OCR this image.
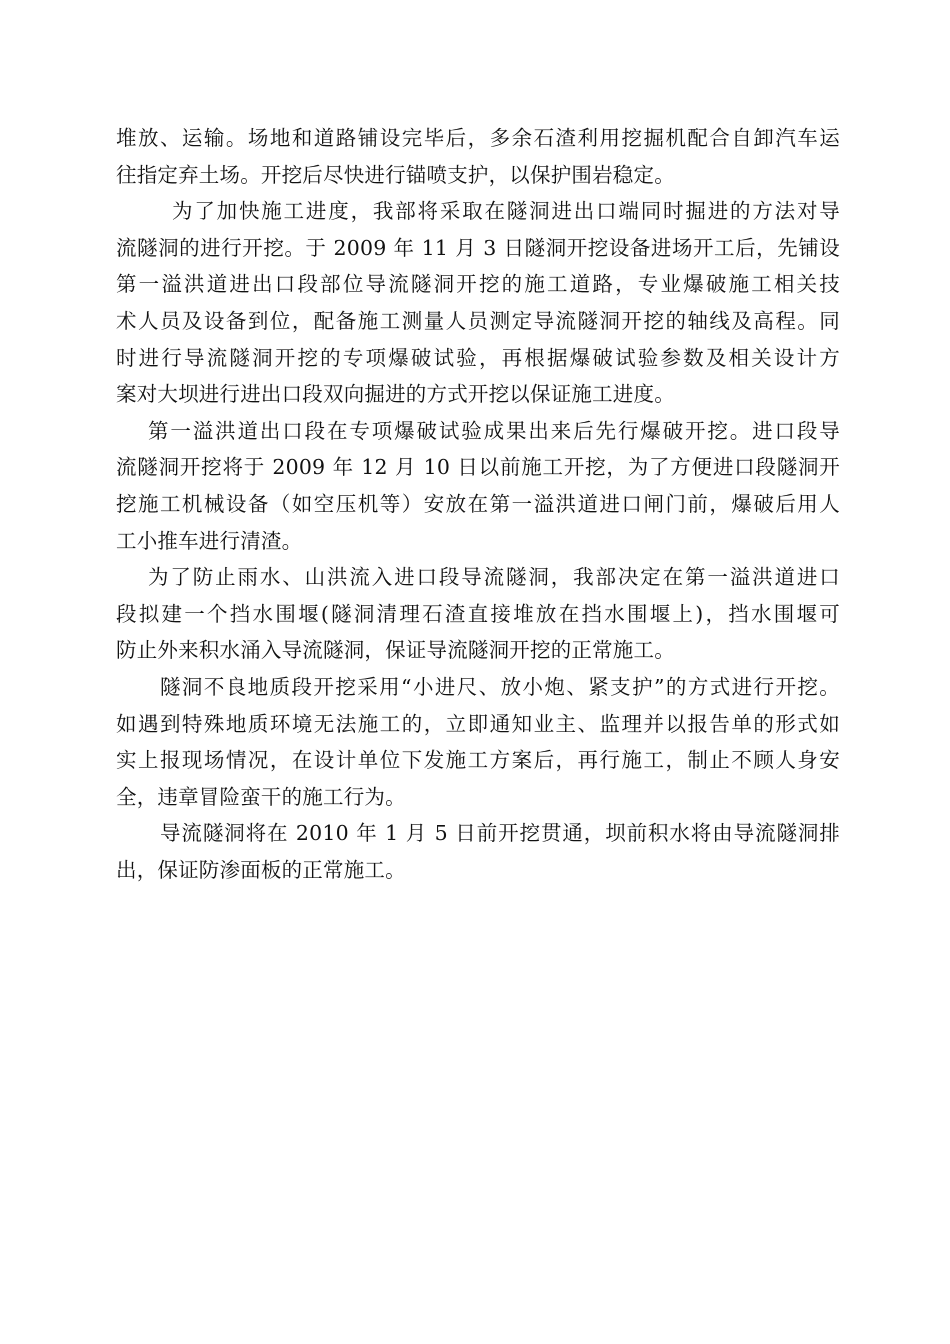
堆放、运输。场地和道路铺设完毕后，多余石渣利用挖掘机配合自卸汽车运
往指定弃土场。开挖后尽快进行锚喷支护，以保护围岩稳定。
为了加快施工进度，我部将采取在隧洞进出口端同时掘进的方法对导
流隧洞的进行开挖。于 2009 年 11 月 3 日隧洞开挖设备进场开工后，先铺设
第一溢洪道进出口段部位导流隧洞开挖的施工道路，专业爆破施工相关技
术人员及设备到位，配备施工测量人员测定导流隧洞开挖的轴线及高程。同
时进行导流隧洞开挖的专项爆破试验，再根据爆破试验参数及相关设计方
案对大坝进行进出口段双向掘进的方式开挖以保证施工进度。
第一溢洪道出口段在专项爆破试验成果出来后先行爆破开挖。进口段导
流隧洞开挖将于 2009 年 12 月 10 日以前施工开挖，为了方便进口段隧洞开
挖施工机械设备（如空压机等）安放在第一溢洪道进口闸门前，爆破后用人
工小推车进行清渣。
为了防止雨水、山洪流入进口段导流隧洞，我部决定在第一溢洪道进口
段拟建一个挡水围堰(隧洞清理石渣直接堆放在挡水围堰上)，挡水围堰可
防止外来积水涌入导流隧洞，保证导流隧洞开挖的正常施工。
隧洞不良地质段开挖采用“小进尺、放小炮、紧支护”的方式进行开挖。
如遇到特殊地质环境无法施工的，立即通知业主、监理并以报告单的形式如
实上报现场情况，在设计单位下发施工方案后，再行施工，制止不顾人身安
全，违章冒险蛮干的施工行为。
导流隧洞将在 2010 年 1 月 5 日前开挖贯通，坝前积水将由导流隧洞排
出，保证防渗面板的正常施工。
